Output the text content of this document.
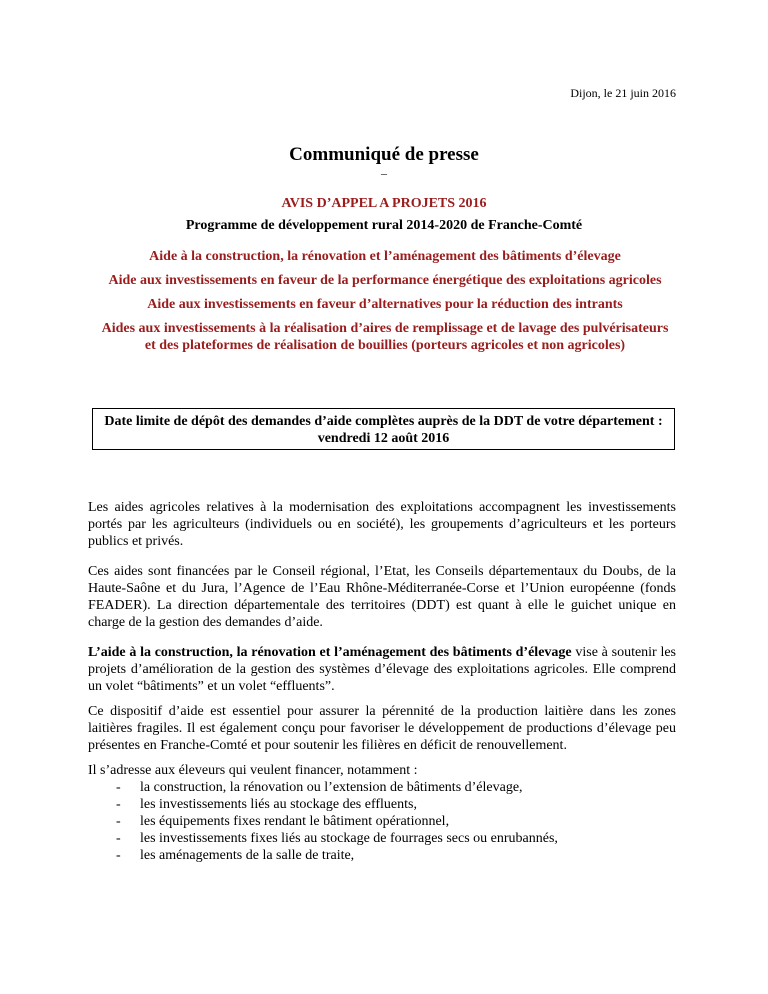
Dijon, le 21 juin 2016
Communiqué de presse
–
AVIS D’APPEL A PROJETS 2016
Programme de développement rural 2014-2020 de Franche-Comté
Aide à la construction, la rénovation et l’aménagement des bâtiments d’élevage
Aide aux investissements en faveur de la performance énergétique des exploitations agricoles
Aide aux investissements en faveur d’alternatives pour la réduction des intrants
Aides aux investissements à la réalisation d’aires de remplissage et de lavage des pulvérisateurs et des plateformes de réalisation de bouillies (porteurs agricoles et non agricoles)
Date limite de dépôt des demandes d’aide complètes auprès de la DDT de votre département : vendredi 12 août 2016

Les aides agricoles relatives à la modernisation des exploitations accompagnent les investissements portés par les agriculteurs (individuels ou en société), les groupements d’agriculteurs et les porteurs publics et privés.

Ces aides sont financées par le Conseil régional, l’Etat, les Conseils départementaux du Doubs, de la Haute-Saône et du Jura, l’Agence de l’Eau Rhône-Méditerranée-Corse et l’Union européenne (fonds FEADER). La direction départementale des territoires (DDT) est quant à elle le guichet unique en charge de la gestion des demandes d’aide.

L’aide à la construction, la rénovation et l’aménagement des bâtiments d’élevage vise à soutenir les projets d’amélioration de la gestion des systèmes d’élevage des exploitations agricoles. Elle comprend un volet “bâtiments” et un volet “effluents”.

Ce dispositif d’aide est essentiel pour assurer la pérennité de la production laitière dans les zones laitières fragiles. Il est également conçu pour favoriser le développement de productions d’élevage peu présentes en Franche-Comté et pour soutenir les filières en déficit de renouvellement.

Il s’adresse aux éleveurs qui veulent financer, notamment :

- la construction, la rénovation ou l’extension de bâtiments d’élevage,
- les investissements liés au stockage des effluents,
- les équipements fixes rendant le bâtiment opérationnel,
- les investissements fixes liés au stockage de fourrages secs ou enrubannés,
- les aménagements de la salle de traite,
